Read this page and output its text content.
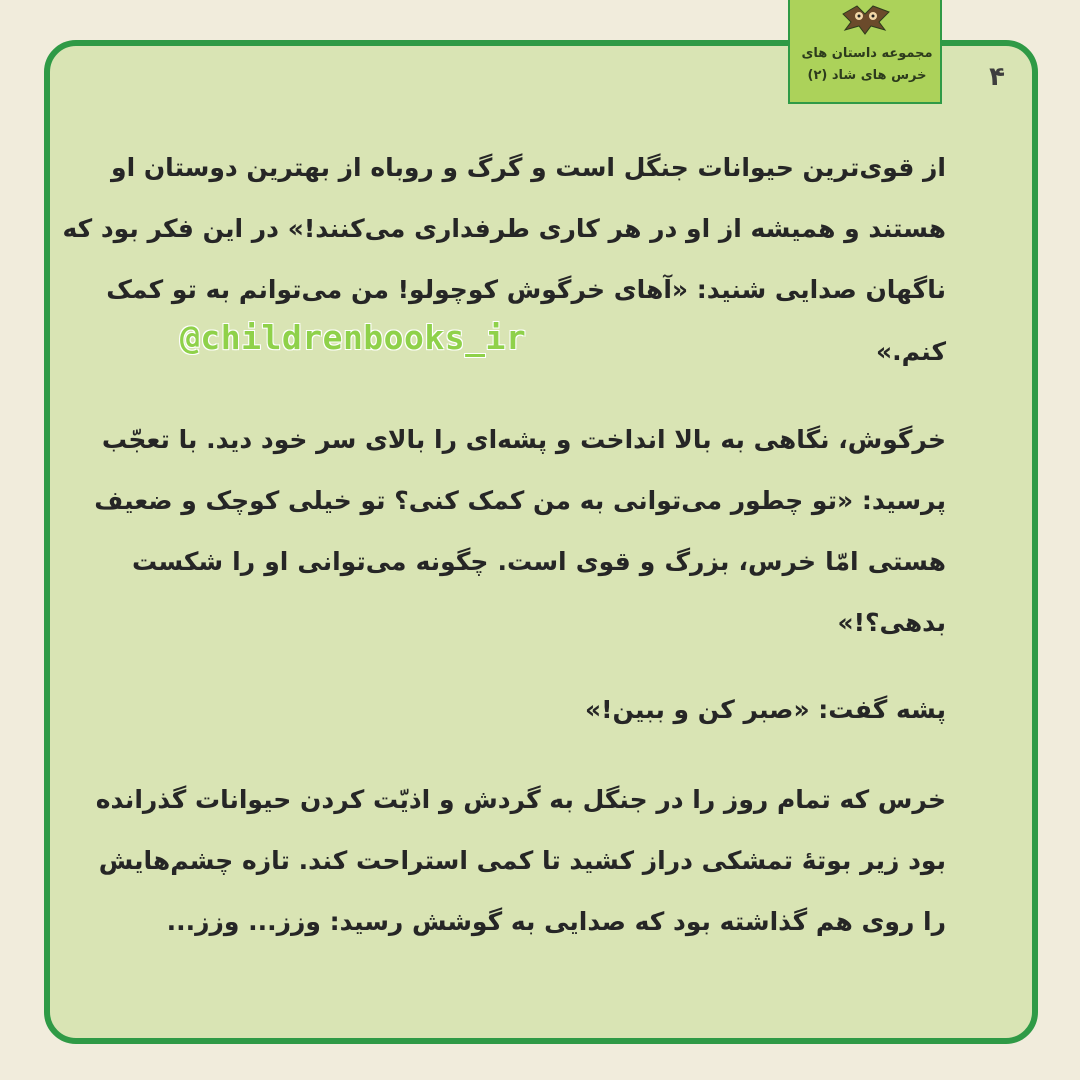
مجموعه داستان های
خرس های شاد (۲)	۴
از قوی‌ترین حیوانات جنگل است و گرگ و روباه از بهترین دوستان او
هستند و همیشه از او در هر کاری طرفداری می‌کنند!» در این فکر بود که
ناگهان صدایی شنید: «آهای خرگوش کوچولو! من می‌توانم به تو کمک
کنم.»
خرگوش، نگاهی به بالا انداخت و پشه‌ای را بالای سر خود دید. با تعجّب
پرسید: «تو چطور می‌توانی به من کمک کنی؟ تو خیلی کوچک و ضعیف
هستی امّا خرس، بزرگ و قوی است. چگونه می‌توانی او را شکست
بدهی؟!»
پشه گفت: «صبر کن و ببین!»
خرس که تمام روز را در جنگل به گردش و اذیّت کردن حیوانات گذرانده
بود زیر بوتهٔ تمشکی دراز کشید تا کمی استراحت کند. تازه چشم‌هایش
را روی هم گذاشته بود که صدایی به گوشش رسید: وزز... وزز...
@childrenbooks_ir
